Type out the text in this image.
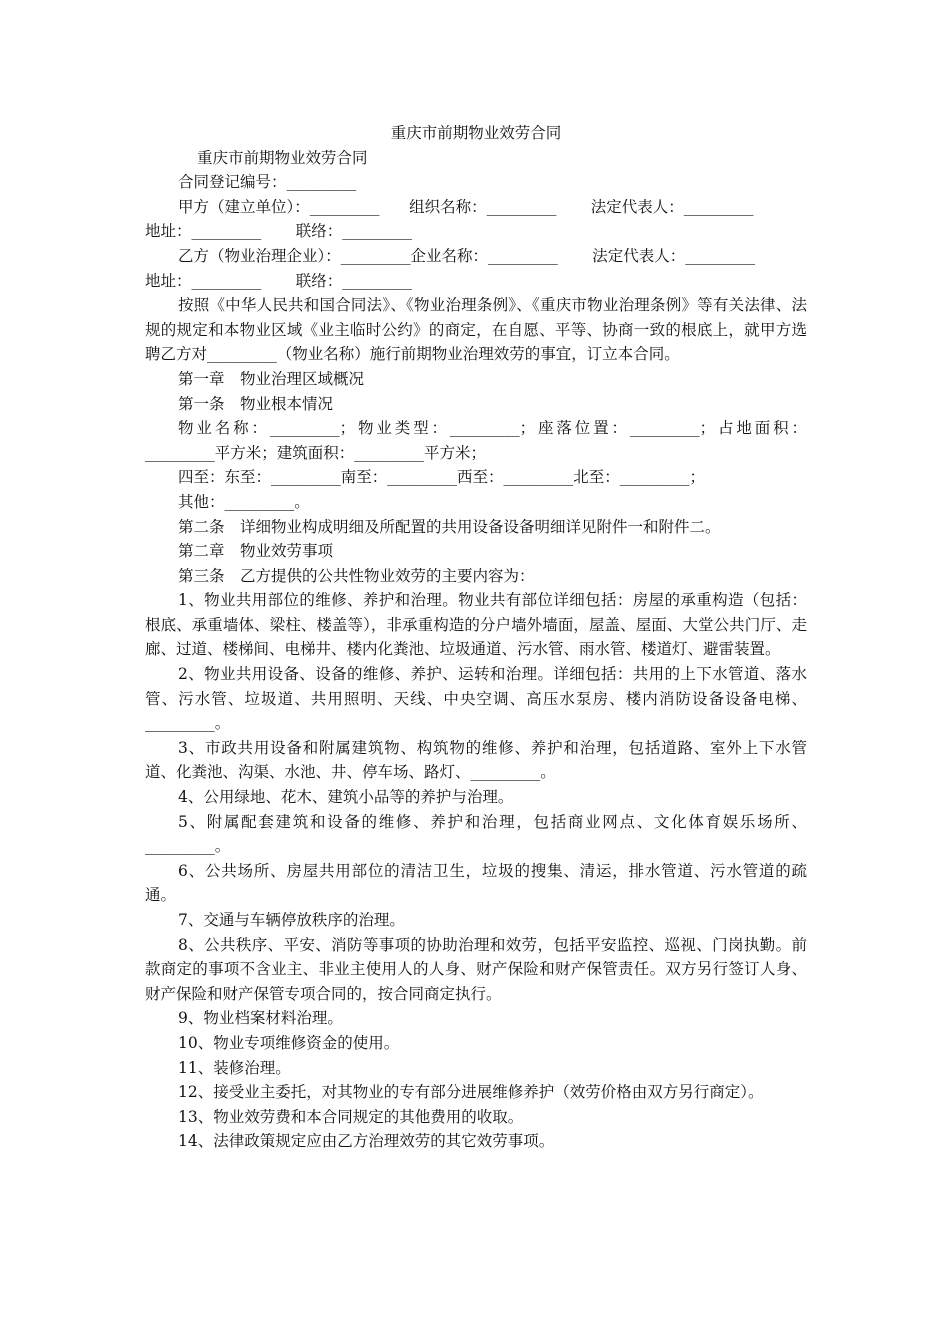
重庆市前期物业效劳合同

重庆市前期物业效劳合同

合同登记编号：_________

甲方（建立单位）：_________      组织名称：_________       法定代表人：_________

地址：_________       联络：_________

乙方（物业治理企业）：_________企业名称：_________       法定代表人：_________

地址：_________       联络：_________

按照《中华人民共和国合同法》、《物业治理条例》、《重庆市物业治理条例》等有关法律、法规的规定和本物业区域《业主临时公约》的商定，在自愿、平等、协商一致的根底上，就甲方选聘乙方对_________（物业名称）施行前期物业治理效劳的事宜，订立本合同。

第一章　物业治理区域概况

第一条　物业根本情况

物业名称：_________；物业类型：_________；座落位置：_________；占地面积：_________平方米；建筑面积：_________平方米；

四至：东至：_________南至：_________西至：_________北至：_________；

其他：_________。

第二条　详细物业构成明细及所配置的共用设备设备明细详见附件一和附件二。

第二章　物业效劳事项

第三条　乙方提供的公共性物业效劳的主要内容为：

1、物业共用部位的维修、养护和治理。物业共有部位详细包括：房屋的承重构造（包括：根底、承重墙体、梁柱、楼盖等），非承重构造的分户墙外墙面，屋盖、屋面、大堂公共门厅、走廊、过道、楼梯间、电梯井、楼内化粪池、垃圾通道、污水管、雨水管、楼道灯、避雷装置。

2、物业共用设备、设备的维修、养护、运转和治理。详细包括：共用的上下水管道、落水管、污水管、垃圾道、共用照明、天线、中央空调、高压水泵房、楼内消防设备设备电梯、_________。

3、市政共用设备和附属建筑物、构筑物的维修、养护和治理，包括道路、室外上下水管道、化粪池、沟渠、水池、井、停车场、路灯、_________。

4、公用绿地、花木、建筑小品等的养护与治理。

5、附属配套建筑和设备的维修、养护和治理，包括商业网点、文化体育娱乐场所、_________。

6、公共场所、房屋共用部位的清洁卫生，垃圾的搜集、清运，排水管道、污水管道的疏通。

7、交通与车辆停放秩序的治理。

8、公共秩序、平安、消防等事项的协助治理和效劳，包括平安监控、巡视、门岗执勤。前款商定的事项不含业主、非业主使用人的人身、财产保险和财产保管责任。双方另行签订人身、财产保险和财产保管专项合同的，按合同商定执行。

9、物业档案材料治理。

10、物业专项维修资金的使用。

11、装修治理。

12、接受业主委托，对其物业的专有部分进展维修养护（效劳价格由双方另行商定）。

13、物业效劳费和本合同规定的其他费用的收取。

14、法律政策规定应由乙方治理效劳的其它效劳事项。
